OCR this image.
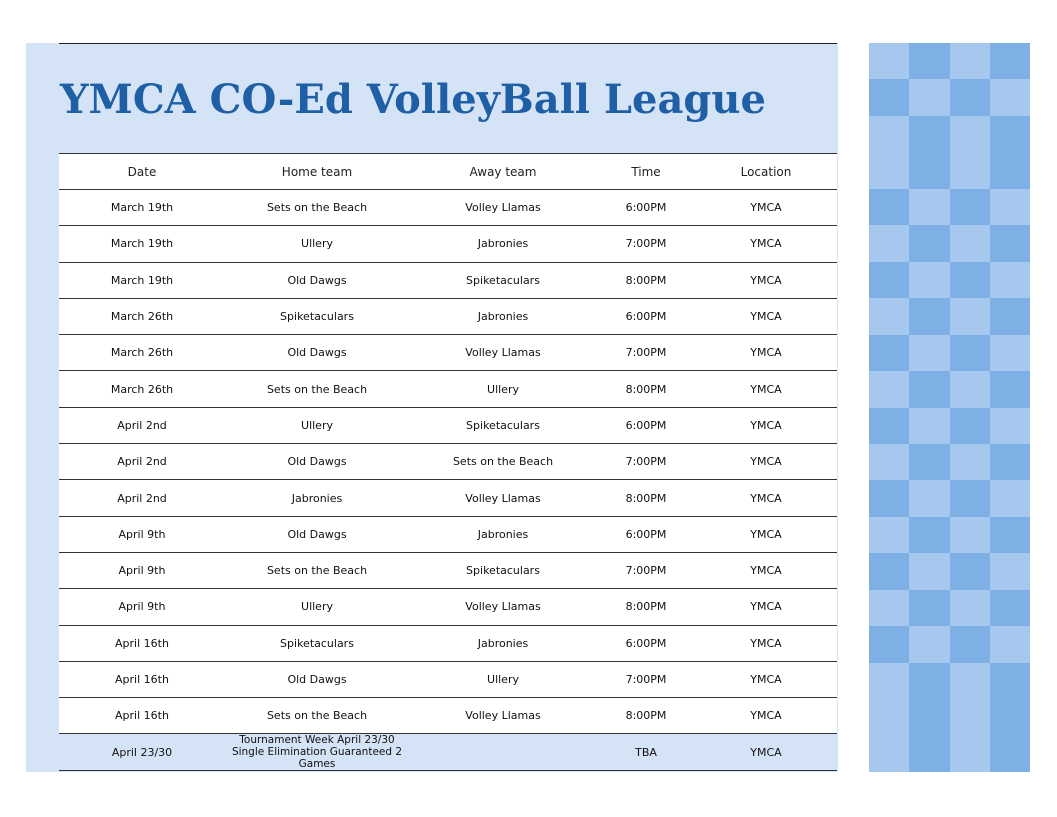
YMCA CO-Ed VolleyBall League
Date	Home team	Away team	Time	Location
March 19th	Sets on the Beach	Volley Llamas	6:00PM	YMCA
March 19th	Ullery	Jabronies	7:00PM	YMCA
March 19th	Old Dawgs	Spiketaculars	8:00PM	YMCA
March 26th	Spiketaculars	Jabronies	6:00PM	YMCA
March 26th	Old Dawgs	Volley Llamas	7:00PM	YMCA
March 26th	Sets on the Beach	Ullery	8:00PM	YMCA
April 2nd	Ullery	Spiketaculars	6:00PM	YMCA
April 2nd	Old Dawgs	Sets on the Beach	7:00PM	YMCA
April 2nd	Jabronies	Volley Llamas	8:00PM	YMCA
April 9th	Old Dawgs	Jabronies	6:00PM	YMCA
April 9th	Sets on the Beach	Spiketaculars	7:00PM	YMCA
April 9th	Ullery	Volley Llamas	8:00PM	YMCA
April 16th	Spiketaculars	Jabronies	6:00PM	YMCA
April 16th	Old Dawgs	Ullery	7:00PM	YMCA
April 16th	Sets on the Beach	Volley Llamas	8:00PM	YMCA
April 23/30	Tournament Week April 23/30 Single Elimination Guaranteed 2 Games		TBA	YMCA
